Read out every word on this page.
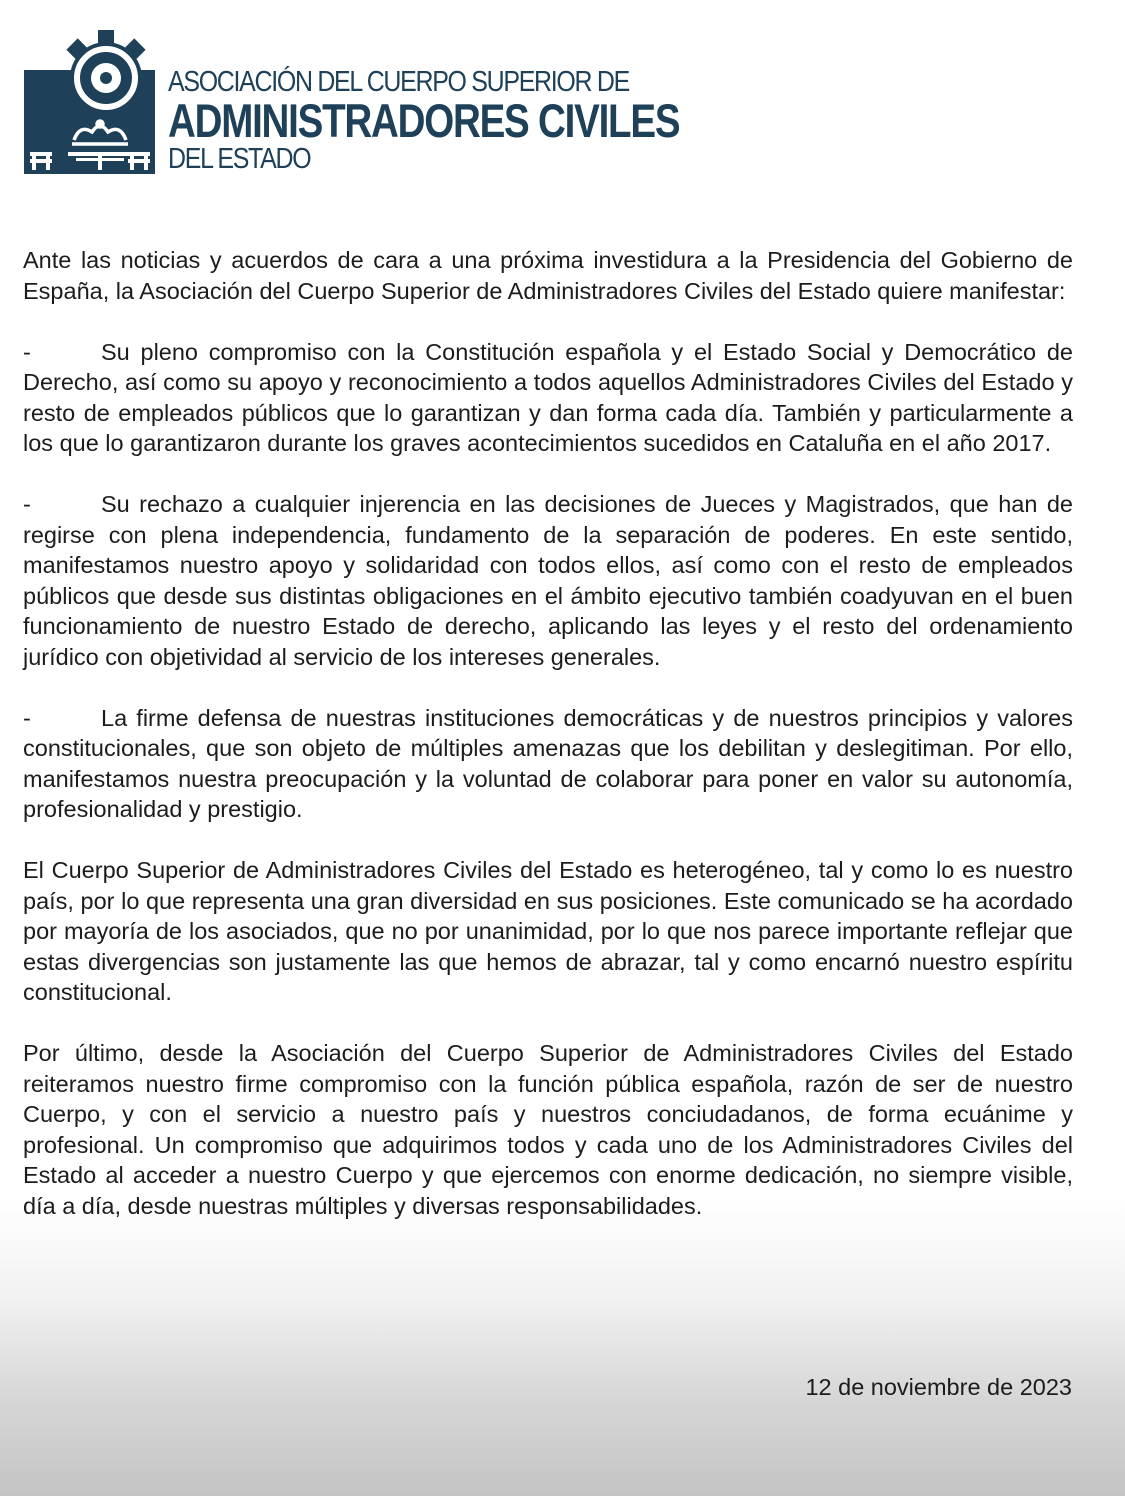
ASOCIACIÓN DEL CUERPO SUPERIOR DE
ADMINISTRADORES CIVILES
DEL ESTADO

Ante las noticias y acuerdos de cara a una próxima investidura a la Presidencia del Gobierno de España, la Asociación del Cuerpo Superior de Administradores Civiles del Estado quiere manifestar:

-	Su pleno compromiso con la Constitución española y el Estado Social y Democrático de Derecho, así como su apoyo y reconocimiento a todos aquellos Administradores Civiles del Estado y resto de empleados públicos que lo garantizan y dan forma cada día. También y particularmente a los que lo garantizaron durante los graves acontecimientos sucedidos en Cataluña en el año 2017.

-	Su rechazo a cualquier injerencia en las decisiones de Jueces y Magistrados, que han de regirse con plena independencia, fundamento de la separación de poderes. En este sentido, manifestamos nuestro apoyo y solidaridad con todos ellos, así como con el resto de empleados públicos que desde sus distintas obligaciones en el ámbito ejecutivo también coadyuvan en el buen funcionamiento de nuestro Estado de derecho, aplicando las leyes y el resto del ordenamiento jurídico con objetividad al servicio de los intereses generales.

-	La firme defensa de nuestras instituciones democráticas y de nuestros principios y valores constitucionales, que son objeto de múltiples amenazas que los debilitan y deslegitiman. Por ello, manifestamos nuestra preocupación y la voluntad de colaborar para poner en valor su autonomía, profesionalidad y prestigio.

El Cuerpo Superior de Administradores Civiles del Estado es heterogéneo, tal y como lo es nuestro país, por lo que representa una gran diversidad en sus posiciones. Este comunicado se ha acordado por mayoría de los asociados, que no por unanimidad, por lo que nos parece importante reflejar que estas divergencias son justamente las que hemos de abrazar, tal y como encarnó nuestro espíritu constitucional.

Por último, desde la Asociación del Cuerpo Superior de Administradores Civiles del Estado reiteramos nuestro firme compromiso con la función pública española, razón de ser de nuestro Cuerpo, y con el servicio a nuestro país y nuestros conciudadanos, de forma ecuánime y profesional. Un compromiso que adquirimos todos y cada uno de los Administradores Civiles del Estado al acceder a nuestro Cuerpo y que ejercemos con enorme dedicación, no siempre visible, día a día, desde nuestras múltiples y diversas responsabilidades.

12 de noviembre de 2023
